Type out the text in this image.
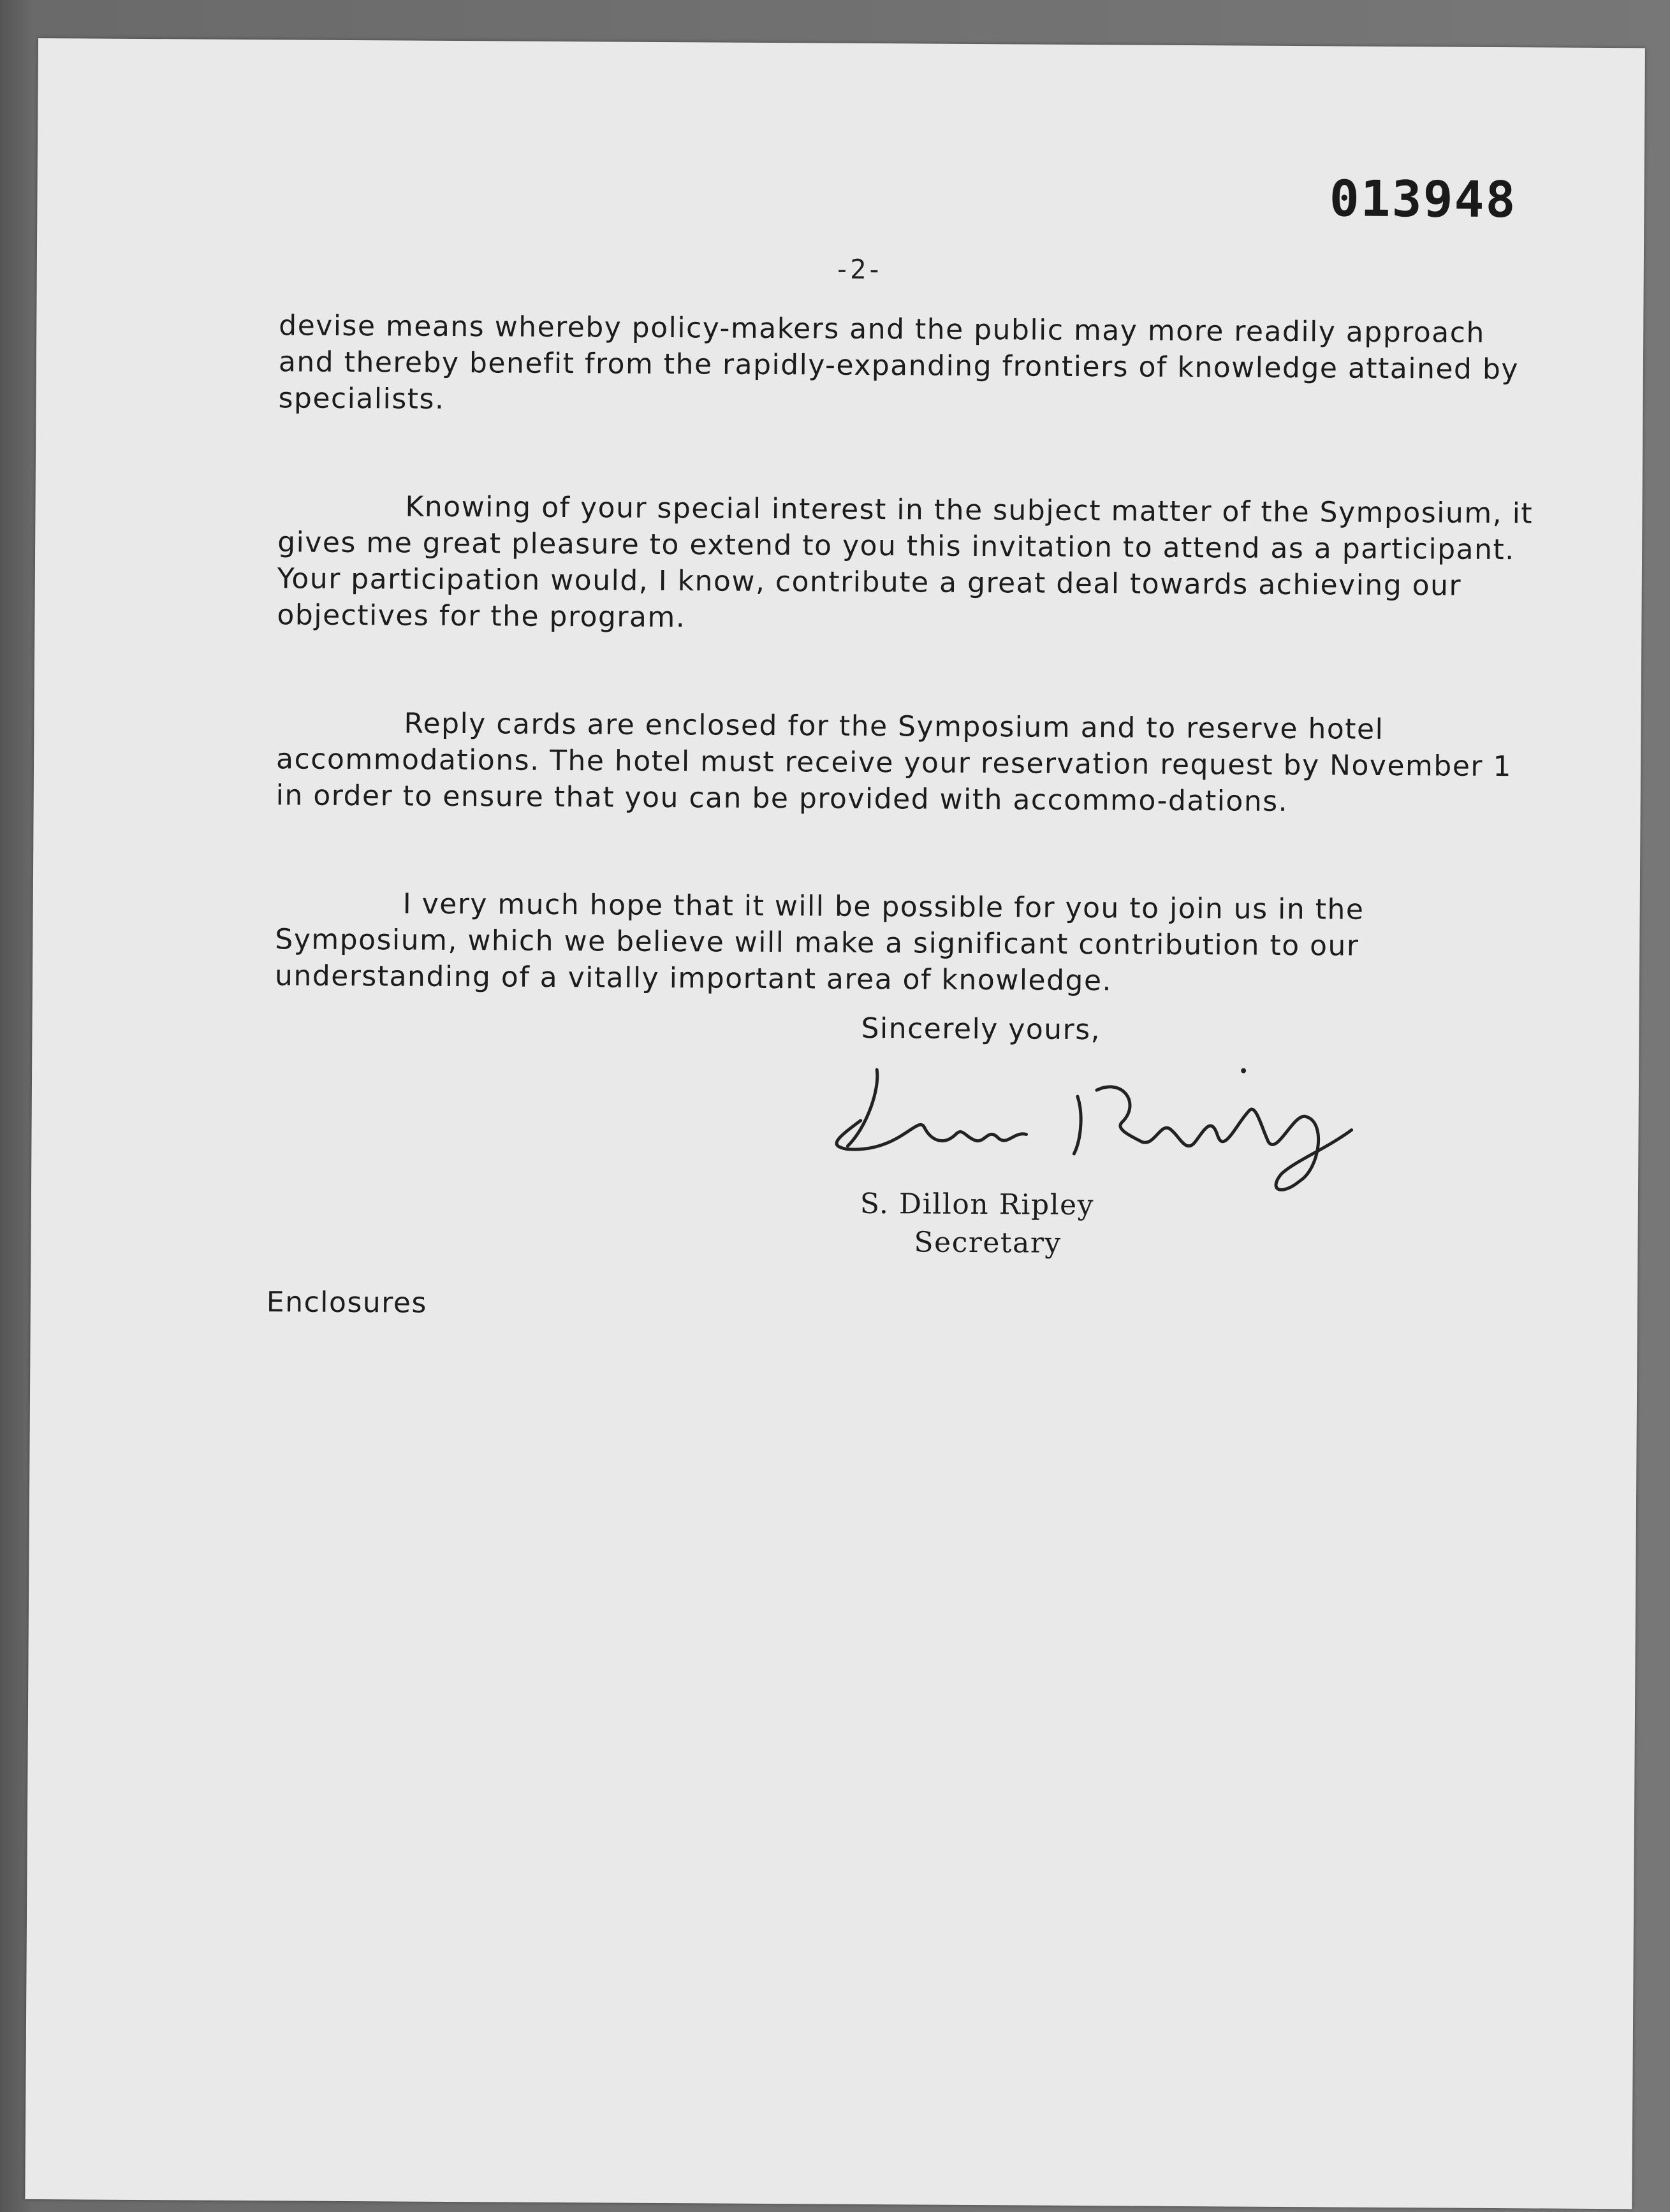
013948
-2-

devise means whereby policy-makers and the public may more readily approach and thereby benefit from the rapidly-expanding frontiers of knowledge attained by specialists.

Knowing of your special interest in the subject matter of the Symposium, it gives me great pleasure to extend to you this invitation to attend as a participant. Your participation would, I know, contribute a great deal towards achieving our objectives for the program.

Reply cards are enclosed for the Symposium and to reserve hotel accommodations. The hotel must receive your reservation request by November 1 in order to ensure that you can be provided with accommo-dations.

I very much hope that it will be possible for you to join us in the Symposium, which we believe will make a significant contribution to our understanding of a vitally important area of knowledge.

Sincerely yours,
S. Dillon Ripley
Secretary
Enclosures
